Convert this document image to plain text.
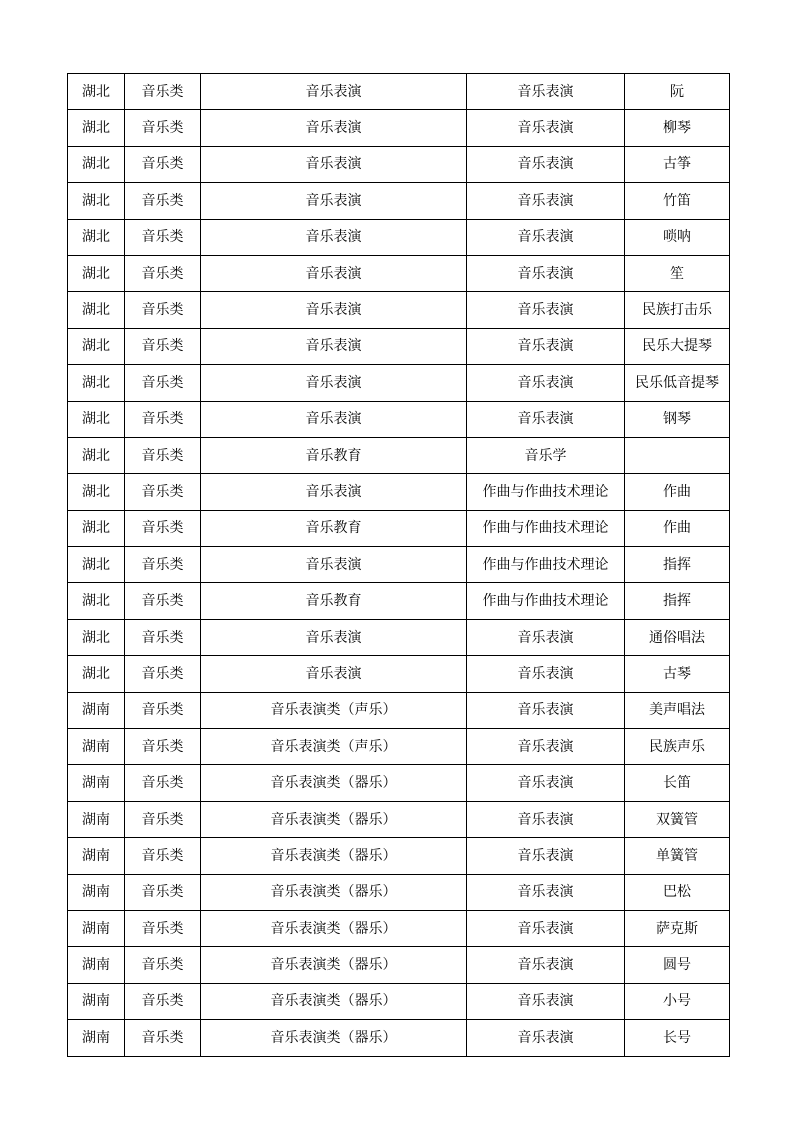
湖北	音乐类	音乐表演	音乐表演	阮
湖北	音乐类	音乐表演	音乐表演	柳琴
湖北	音乐类	音乐表演	音乐表演	古筝
湖北	音乐类	音乐表演	音乐表演	竹笛
湖北	音乐类	音乐表演	音乐表演	唢呐
湖北	音乐类	音乐表演	音乐表演	笙
湖北	音乐类	音乐表演	音乐表演	民族打击乐
湖北	音乐类	音乐表演	音乐表演	民乐大提琴
湖北	音乐类	音乐表演	音乐表演	民乐低音提琴
湖北	音乐类	音乐表演	音乐表演	钢琴
湖北	音乐类	音乐教育	音乐学	
湖北	音乐类	音乐表演	作曲与作曲技术理论	作曲
湖北	音乐类	音乐教育	作曲与作曲技术理论	作曲
湖北	音乐类	音乐表演	作曲与作曲技术理论	指挥
湖北	音乐类	音乐教育	作曲与作曲技术理论	指挥
湖北	音乐类	音乐表演	音乐表演	通俗唱法
湖北	音乐类	音乐表演	音乐表演	古琴
湖南	音乐类	音乐表演类（声乐）	音乐表演	美声唱法
湖南	音乐类	音乐表演类（声乐）	音乐表演	民族声乐
湖南	音乐类	音乐表演类（器乐）	音乐表演	长笛
湖南	音乐类	音乐表演类（器乐）	音乐表演	双簧管
湖南	音乐类	音乐表演类（器乐）	音乐表演	单簧管
湖南	音乐类	音乐表演类（器乐）	音乐表演	巴松
湖南	音乐类	音乐表演类（器乐）	音乐表演	萨克斯
湖南	音乐类	音乐表演类（器乐）	音乐表演	圆号
湖南	音乐类	音乐表演类（器乐）	音乐表演	小号
湖南	音乐类	音乐表演类（器乐）	音乐表演	长号
